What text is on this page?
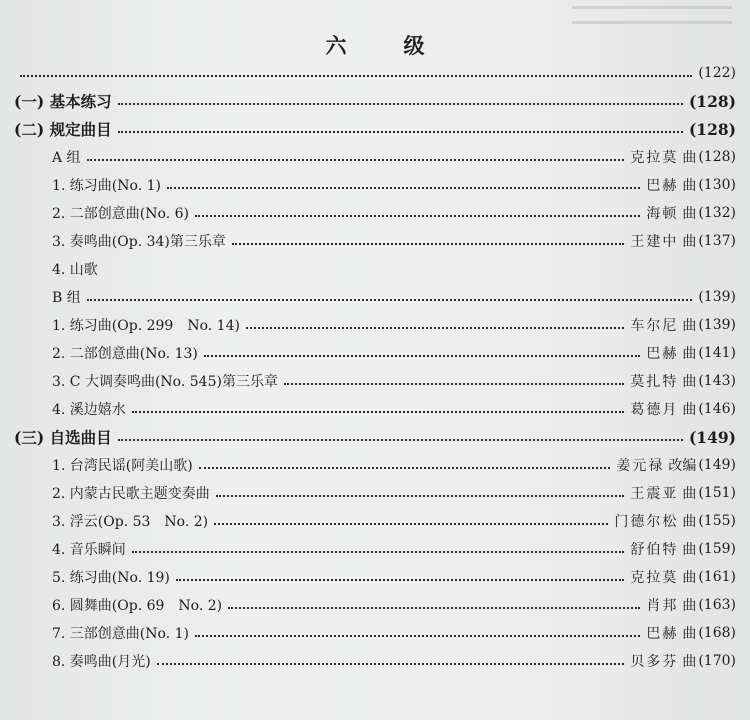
六　级
(122)
(一) 基本练习	(128)
(二) 规定曲目	(128)
A 组	克拉莫 曲 (128)
1. 练习曲(No. 1)	巴赫 曲 (130)
2. 二部创意曲(No. 6)	海顿 曲 (132)
3. 奏鸣曲(Op. 34)第三乐章	王建中 曲 (137)
4. 山歌
B 组	(139)
1. 练习曲(Op. 299　No. 14)	车尔尼 曲 (139)
2. 二部创意曲(No. 13)	巴赫 曲 (141)
3. C 大调奏鸣曲(No. 545)第三乐章	莫扎特 曲 (143)
4. 溪边嬉水	葛德月 曲 (146)
(三) 自选曲目	(149)
1. 台湾民谣(阿美山歌)	姜元禄 改编 (149)
2. 内蒙古民歌主题变奏曲	王震亚 曲 (151)
3. 浮云(Op. 53　No. 2)	门德尔松 曲 (155)
4. 音乐瞬间	舒伯特 曲 (159)
5. 练习曲(No. 19)	克拉莫 曲 (161)
6. 圆舞曲(Op. 69　No. 2)	肖邦 曲 (163)
7. 三部创意曲(No. 1)	巴赫 曲 (168)
8. 奏鸣曲(月光)	贝多芬 曲 (170)
